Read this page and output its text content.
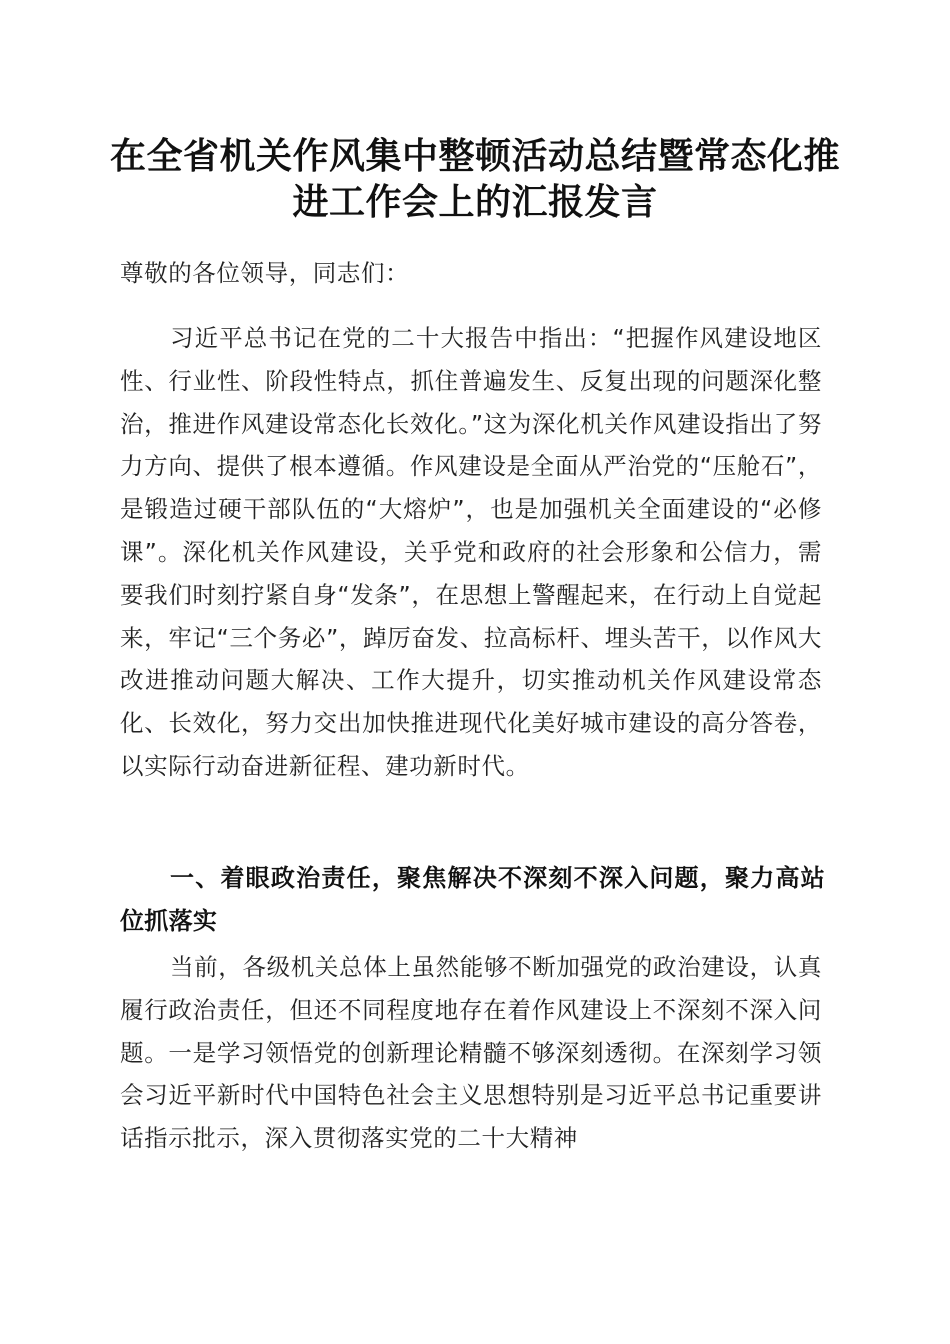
在全省机关作风集中整顿活动总结暨常态化推进工作会上的汇报发言

尊敬的各位领导，同志们：

习近平总书记在党的二十大报告中指出：“把握作风建设地区性、行业性、阶段性特点，抓住普遍发生、反复出现的问题深化整治，推进作风建设常态化长效化。”这为深化机关作风建设指出了努力方向、提供了根本遵循。作风建设是全面从严治党的“压舱石”，是锻造过硬干部队伍的“大熔炉”，也是加强机关全面建设的“必修课”。深化机关作风建设，关乎党和政府的社会形象和公信力，需要我们时刻拧紧自身“发条”，在思想上警醒起来，在行动上自觉起来，牢记“三个务必”，踔厉奋发、拉高标杆、埋头苦干，以作风大改进推动问题大解决、工作大提升，切实推动机关作风建设常态化、长效化，努力交出加快推进现代化美好城市建设的高分答卷，以实际行动奋进新征程、建功新时代。

一、着眼政治责任，聚焦解决不深刻不深入问题，聚力高站位抓落实

当前，各级机关总体上虽然能够不断加强党的政治建设，认真履行政治责任，但还不同程度地存在着作风建设上不深刻不深入问题。一是学习领悟党的创新理论精髓不够深刻透彻。在深刻学习领会习近平新时代中国特色社会主义思想特别是习近平总书记重要讲话指示批示，深入贯彻落实党的二十大精神
